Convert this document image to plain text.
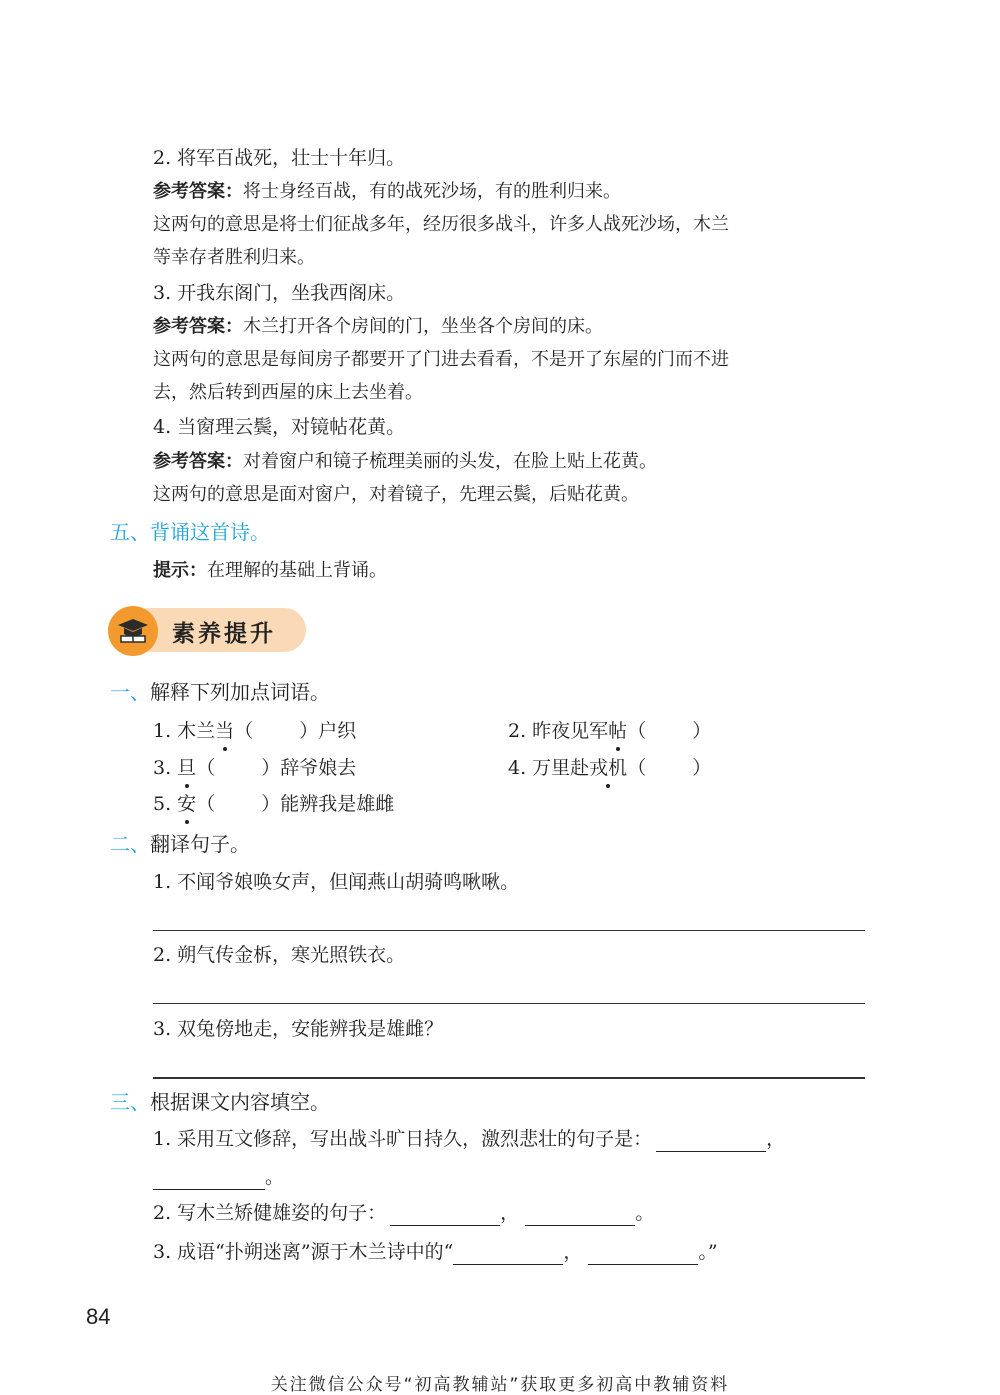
2. 将军百战死，壮士十年归。
参考答案：将士身经百战，有的战死沙场，有的胜利归来。
这两句的意思是将士们征战多年，经历很多战斗，许多人战死沙场，木兰
等幸存者胜利归来。
3. 开我东阁门，坐我西阁床。
参考答案：木兰打开各个房间的门，坐坐各个房间的床。
这两句的意思是每间房子都要开了门进去看看，不是开了东屋的门而不进
去，然后转到西屋的床上去坐着。
4. 当窗理云鬓，对镜帖花黄。
参考答案：对着窗户和镜子梳理美丽的头发，在脸上贴上花黄。
这两句的意思是面对窗户，对着镜子，先理云鬓，后贴花黄。
五、背诵这首诗。
提示：在理解的基础上背诵。
素养提升
一、解释下列加点词语。
1. 木兰当（ ）户织	2. 昨夜见军帖（ ）
3. 旦（ ）辞爷娘去	4. 万里赴戎机（ ）
5. 安（ ）能辨我是雄雌
二、翻译句子。
1. 不闻爷娘唤女声，但闻燕山胡骑鸣啾啾。
2. 朔气传金柝，寒光照铁衣。
3. 双兔傍地走，安能辨我是雄雌？
三、根据课文内容填空。
1. 采用互文修辞，写出战斗旷日持久，激烈悲壮的句子是：	，
。
2. 写木兰矫健雄姿的句子：	，	。
3. 成语“扑朔迷离”源于木兰诗中的“	，	。”
84
关注微信公众号“初高教辅站”获取更多初高中教辅资料
